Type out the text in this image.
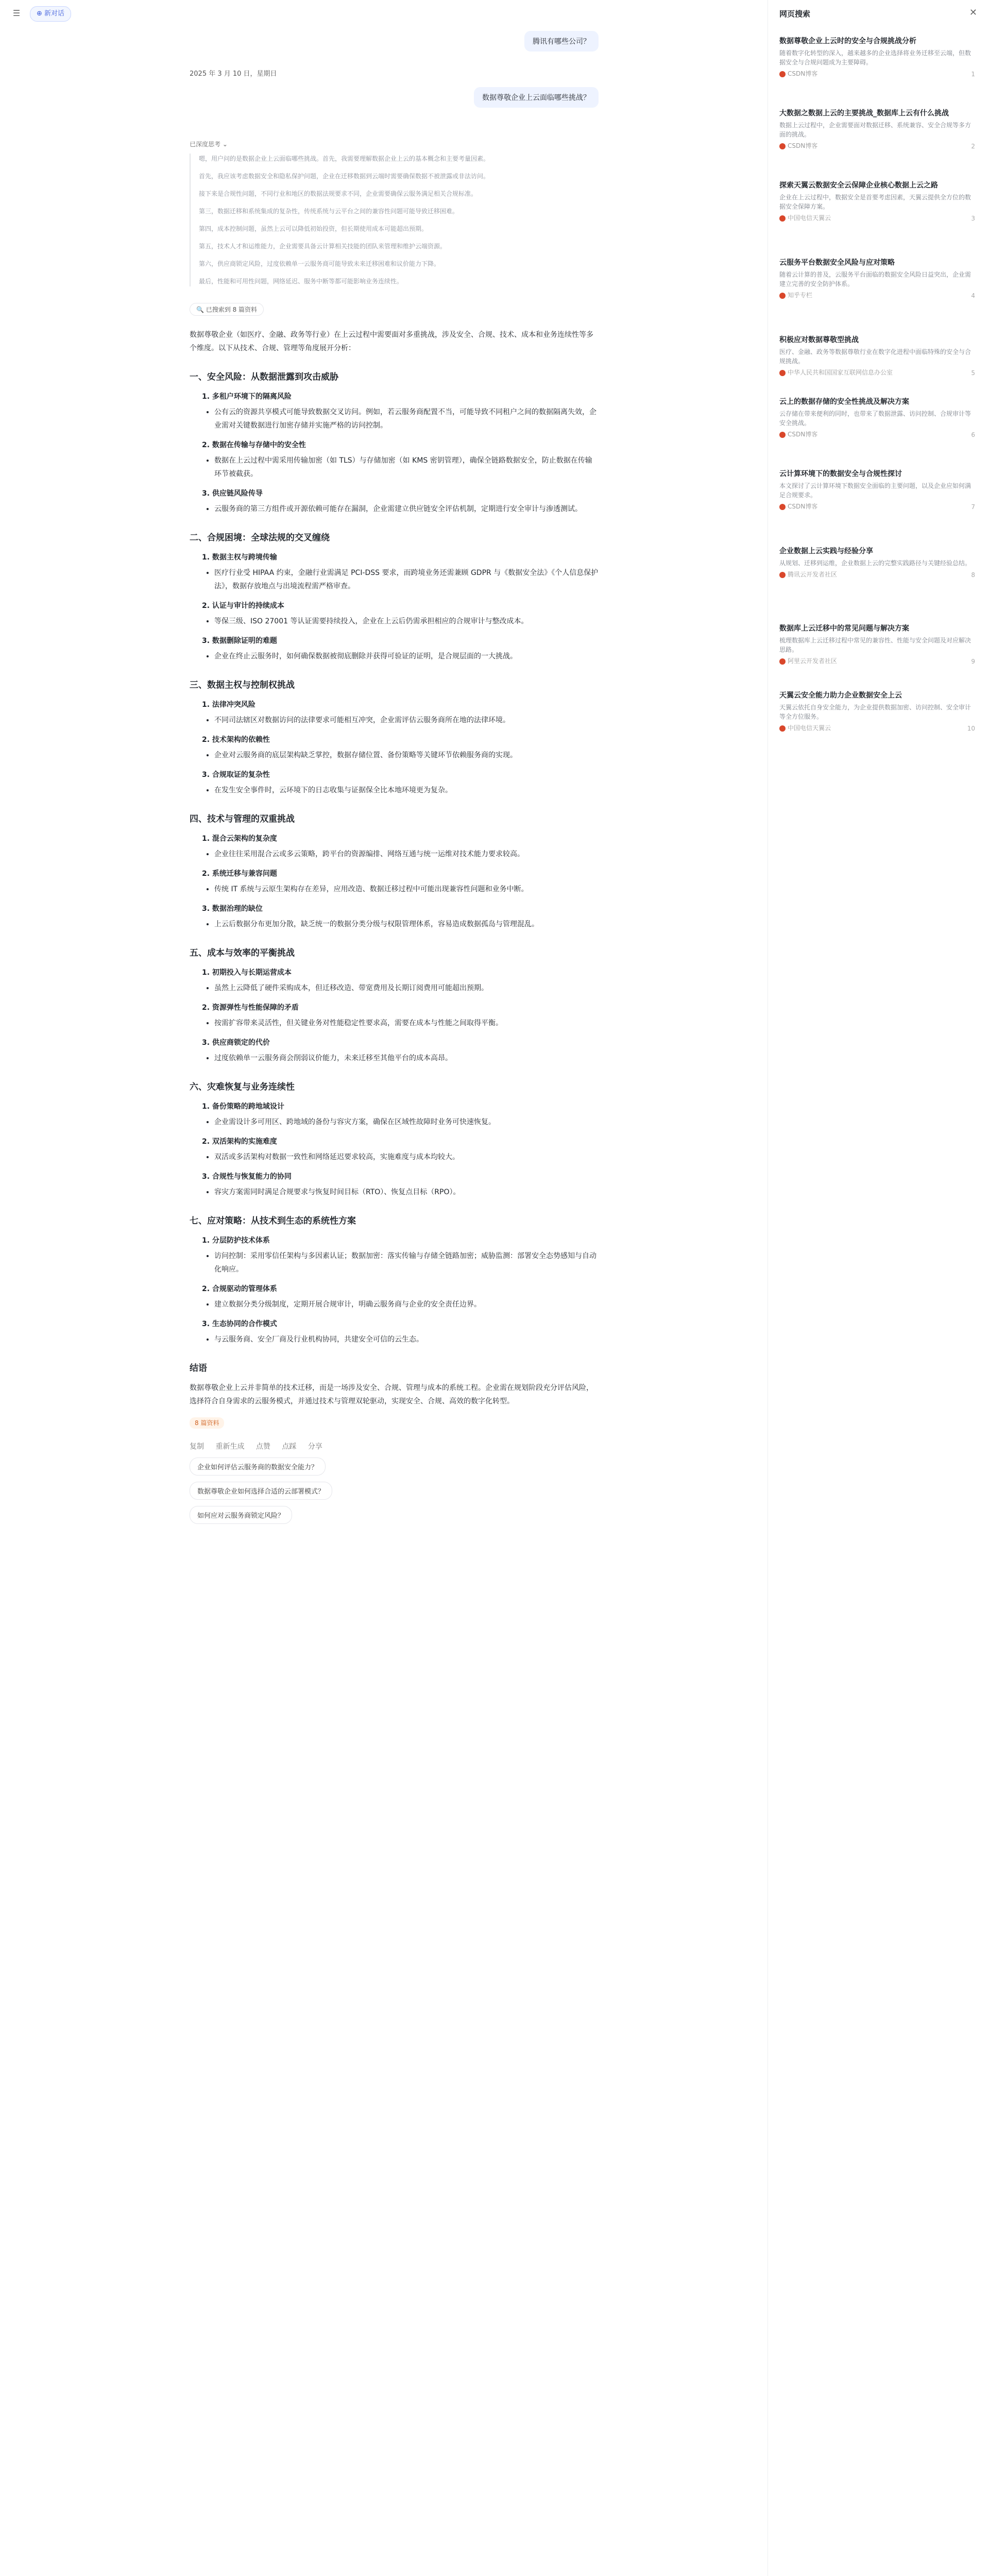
☰	⊕ 新对话
腾讯有哪些公司？
2025 年 3 月 10 日，星期日
数据尊敬企业上云面临哪些挑战？
已深度思考 ⌄

嗯，用户问的是数据企业上云面临哪些挑战。首先，我需要理解数据企业上云的基本概念和主要考量因素。

首先，我应该考虑数据安全和隐私保护问题，企业在迁移数据到云端时需要确保数据不被泄露或非法访问。

接下来是合规性问题，不同行业和地区的数据法规要求不同，企业需要确保云服务满足相关合规标准。

第三，数据迁移和系统集成的复杂性，传统系统与云平台之间的兼容性问题可能导致迁移困难。

第四，成本控制问题，虽然上云可以降低初始投资，但长期使用成本可能超出预期。

第五，技术人才和运维能力，企业需要具备云计算相关技能的团队来管理和维护云端资源。

第六，供应商锁定风险，过度依赖单一云服务商可能导致未来迁移困难和议价能力下降。

最后，性能和可用性问题，网络延迟、服务中断等都可能影响业务连续性。

🔍 已搜索到 8 篇资料

数据尊敬企业（如医疗、金融、政务等行业）在上云过程中需要面对多重挑战，涉及安全、合规、技术、成本和业务连续性等多个维度。以下从技术、合规、管理等角度展开分析：

一、安全风险：从数据泄露到攻击威胁
1. 多租户环境下的隔离风险
• 公有云的资源共享模式可能导致数据交叉访问。例如，若云服务商配置不当，可能导致不同租户之间的数据隔离失效，企业需对关键数据进行加密存储并实施严格的访问控制。
2. 数据在传输与存储中的安全性
• 数据在上云过程中需采用传输加密（如 TLS）与存储加密（如 KMS 密钥管理），确保全链路数据安全，防止数据在传输环节被截获。
3. 供应链风险传导
• 云服务商的第三方组件或开源依赖可能存在漏洞，企业需建立供应链安全评估机制，定期进行安全审计与渗透测试。
二、合规困境：全球法规的交叉缠绕
1. 数据主权与跨境传输
• 医疗行业受 HIPAA 约束，金融行业需满足 PCI-DSS 要求，而跨境业务还需兼顾 GDPR 与《数据安全法》《个人信息保护法》，数据存放地点与出境流程需严格审查。
2. 认证与审计的持续成本
• 等保三级、ISO 27001 等认证需要持续投入，企业在上云后仍需承担相应的合规审计与整改成本。
3. 数据删除证明的难题
• 企业在终止云服务时，如何确保数据被彻底删除并获得可验证的证明，是合规层面的一大挑战。
三、数据主权与控制权挑战
1. 法律冲突风险
• 不同司法辖区对数据访问的法律要求可能相互冲突，企业需评估云服务商所在地的法律环境。
2. 技术架构的依赖性
• 企业对云服务商的底层架构缺乏掌控，数据存储位置、备份策略等关键环节依赖服务商的实现。
3. 合规取证的复杂性
• 在发生安全事件时，云环境下的日志收集与证据保全比本地环境更为复杂。
四、技术与管理的双重挑战
1. 混合云架构的复杂度
• 企业往往采用混合云或多云策略，跨平台的资源编排、网络互通与统一运维对技术能力要求较高。
2. 系统迁移与兼容问题
• 传统 IT 系统与云原生架构存在差异，应用改造、数据迁移过程中可能出现兼容性问题和业务中断。
3. 数据治理的缺位
• 上云后数据分布更加分散，缺乏统一的数据分类分级与权限管理体系，容易造成数据孤岛与管理混乱。
五、成本与效率的平衡挑战
1. 初期投入与长期运营成本
• 虽然上云降低了硬件采购成本，但迁移改造、带宽费用及长期订阅费用可能超出预期。
2. 资源弹性与性能保障的矛盾
• 按需扩容带来灵活性，但关键业务对性能稳定性要求高，需要在成本与性能之间取得平衡。
3. 供应商锁定的代价
• 过度依赖单一云服务商会削弱议价能力，未来迁移至其他平台的成本高昂。
六、灾难恢复与业务连续性
1. 备份策略的跨地域设计
• 企业需设计多可用区、跨地域的备份与容灾方案，确保在区域性故障时业务可快速恢复。
2. 双活架构的实施难度
• 双活或多活架构对数据一致性和网络延迟要求较高，实施难度与成本均较大。
3. 合规性与恢复能力的协同
• 容灾方案需同时满足合规要求与恢复时间目标（RTO）、恢复点目标（RPO）。
七、应对策略：从技术到生态的系统性方案
1. 分层防护技术体系
• 访问控制：采用零信任架构与多因素认证；数据加密：落实传输与存储全链路加密；威胁监测：部署安全态势感知与自动化响应。
2. 合规驱动的管理体系
• 建立数据分类分级制度，定期开展合规审计，明确云服务商与企业的安全责任边界。
3. 生态协同的合作模式
• 与云服务商、安全厂商及行业机构协同，共建安全可信的云生态。
结语

数据尊敬企业上云并非简单的技术迁移，而是一场涉及安全、合规、管理与成本的系统工程。企业需在规划阶段充分评估风险，选择符合自身需求的云服务模式，并通过技术与管理双轮驱动，实现安全、合规、高效的数字化转型。

8 篇资料
复制 重新生成 点赞 点踩 分享
企业如何评估云服务商的数据安全能力？
数据尊敬企业如何选择合适的云部署模式？
如何应对云服务商锁定风险？
网页搜索	✕
数据尊敬企业上云时的安全与合规挑战分析
随着数字化转型的深入，越来越多的企业选择将业务迁移至云端，但数据安全与合规问题成为主要障碍。
CSDN博客	1
大数据之数据上云的主要挑战_数据库上云有什么挑战
数据上云过程中，企业需要面对数据迁移、系统兼容、安全合规等多方面的挑战。
CSDN博客	2
探索天翼云数据安全云保障企业核心数据上云之路
企业在上云过程中，数据安全是首要考虑因素，天翼云提供全方位的数据安全保障方案。
中国电信天翼云	3
云服务平台数据安全风险与应对策略
随着云计算的普及，云服务平台面临的数据安全风险日益突出，企业需建立完善的安全防护体系。
知乎专栏	4
积极应对数据尊敬型挑战
医疗、金融、政务等数据尊敬行业在数字化进程中面临特殊的安全与合规挑战。
中华人民共和国国家互联网信息办公室	5
云上的数据存储的安全性挑战及解决方案
云存储在带来便利的同时，也带来了数据泄露、访问控制、合规审计等安全挑战。
CSDN博客	6
云计算环境下的数据安全与合规性探讨
本文探讨了云计算环境下数据安全面临的主要问题，以及企业应如何满足合规要求。
CSDN博客	7
企业数据上云实践与经验分享
从规划、迁移到运维，企业数据上云的完整实践路径与关键经验总结。
腾讯云开发者社区	8
数据库上云迁移中的常见问题与解决方案
梳理数据库上云迁移过程中常见的兼容性、性能与安全问题及对应解决思路。
阿里云开发者社区	9
天翼云安全能力助力企业数据安全上云
天翼云依托自身安全能力，为企业提供数据加密、访问控制、安全审计等全方位服务。
中国电信天翼云	10
